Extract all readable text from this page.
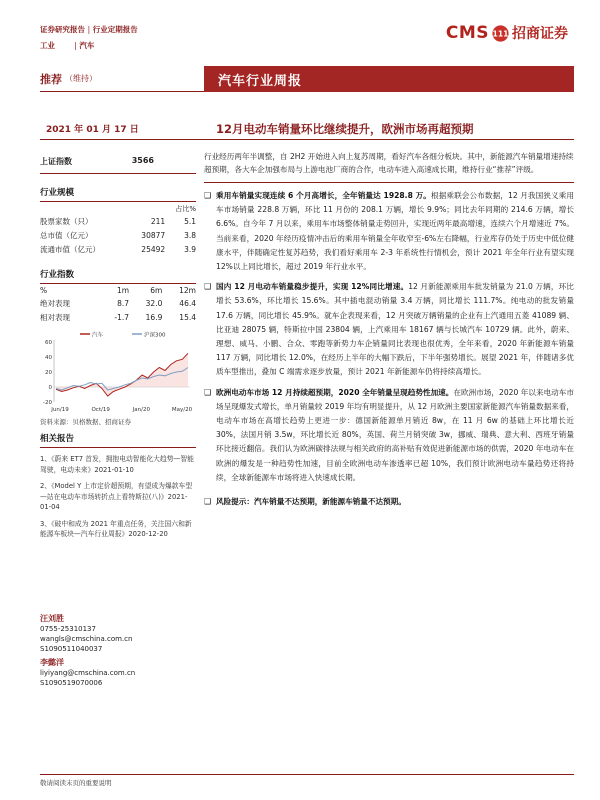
证券研究报告 | 行业定期报告
工业	| 汽车
CMS 111 招商证券
推荐 （维持）	汽车行业周报
2021 年 01 月 17 日	12月电动车销量环比继续提升，欧洲市场再超预期
上证指数	3566
行业规模
		占比%
股票家数（只）	211	5.1
总市值（亿元）	30877	3.8
流通市值（亿元）	25492	3.9
行业指数
%	1m	6m	12m
绝对表现	8.7	32.0	46.4
相对表现	-1.7	16.9	15.4
汽车	沪深300
60
40
20
0
-20
Jun/19	Oct/19	Jan/20	May/20
资料来源：贝格数据、招商证券
相关报告
1、《蔚来 ET7 首发，拥抱电动智能化大趋势—智能驾驶，电动未来》2021-01-10
2、《Model Y 上市定价超预期，有望成为爆款车型—站在电动车市场转折点上看特斯拉(八)》2021-01-04
3、《破中和成为 2021 年重点任务，关注国六和新能源车板块—汽车行业周报》2020-12-20
汪刘胜
0755-25310137
wangls@cmschina.com.cn
S1090511040037
李懿洋
liyiyang@cmschina.com.cn
S1090519070006
行业经历两年半调整，自 2H2 开始进入向上复苏周期，看好汽车各细分板块。其中，新能源汽车销量增速持续超预期，各大车企加强布局与上游电池厂商的合作，电动车进入高速成长期，维持行业“推荐”评级。
❑ 乘用车销量实现连续 6 个月高增长，全年销量达 1928.8 万。根据乘联会公布数据，12 月我国狭义乘用车市场销量 228.8 万辆，环比 11 月份的 208.1 万辆，增长 9.9%；同比去年同期的 214.6 万辆，增长 6.6%。自今年 7 月以来，乘用车市场整体销量走势回升，实现近两年最高增速，连续六个月增速近 7%。当前来看，2020 年经历疫情冲击后的乘用车销量全年收窄至-6%左右降幅，行业库存仍处于历史中低位健康水平，伴随确定性复苏趋势，我们看好乘用车 2-3 年系统性行情机会，预计 2021 年全年行业有望实现 12%以上同比增长，超过 2019 年行业水平。
❑ 国内 12 月电动车销量稳步提升，实现 12%同比增速。12 月新能源乘用车批发销量为 21.0 万辆，环比增长 53.6%，环比增长 15.6%。其中插电混动销量 3.4 万辆，同比增长 111.7%。纯电动的批发销量 17.6 万辆，同比增长 45.9%。就车企表现来看，12 月突破万辆销量的企业有上汽通用五菱 41089 辆、比亚迪 28075 辆，特斯拉中国 23804 辆，上汽乘用车 18167 辆与长城汽车 10729 辆。此外，蔚来、理想、威马、小鹏、合众、零跑等新势力车企销量同比表现也很优秀，全年来看，2020 年新能源车销量 117 万辆，同比增长 12.0%，在经历上半年的大幅下跌后，下半年强势增长。展望 2021 年，伴随诸多优质车型推出，叠加 C 端需求逐步放量，预计 2021 年新能源车仍将持续高增长。
❑ 欧洲电动车市场 12 月持续超预期，2020 全年销量呈现趋势性加速。在欧洲市场，2020 年以来电动车市场呈现爆发式增长，单月销量较 2019 年均有明显提升，从 12 月欧洲主要国家新能源汽车销量数据来看，电动车市场在高增长趋势上更进一步：德国新能源单月销近 8w，在 11 月 6w 的基础上环比增长近 30%，法国月销 3.5w，环比增长近 80%，英国、荷兰月销突破 3w，挪威、瑞典、意大利、西班牙销量环比接近翻倍。我们认为欧洲碳排法规与相关政府的高补贴有效促进新能源市场的供需，2020 年电动车在欧洲的爆发是一种趋势性加速，目前全欧洲电动车渗透率已超 10%，我们预计欧洲电动车量趋势还将持续，全球新能源车市场将进入快速成长期。
❑ 风险提示：汽车销量不达预期，新能源车销量不达预期。
敬请阅读末页的重要说明
